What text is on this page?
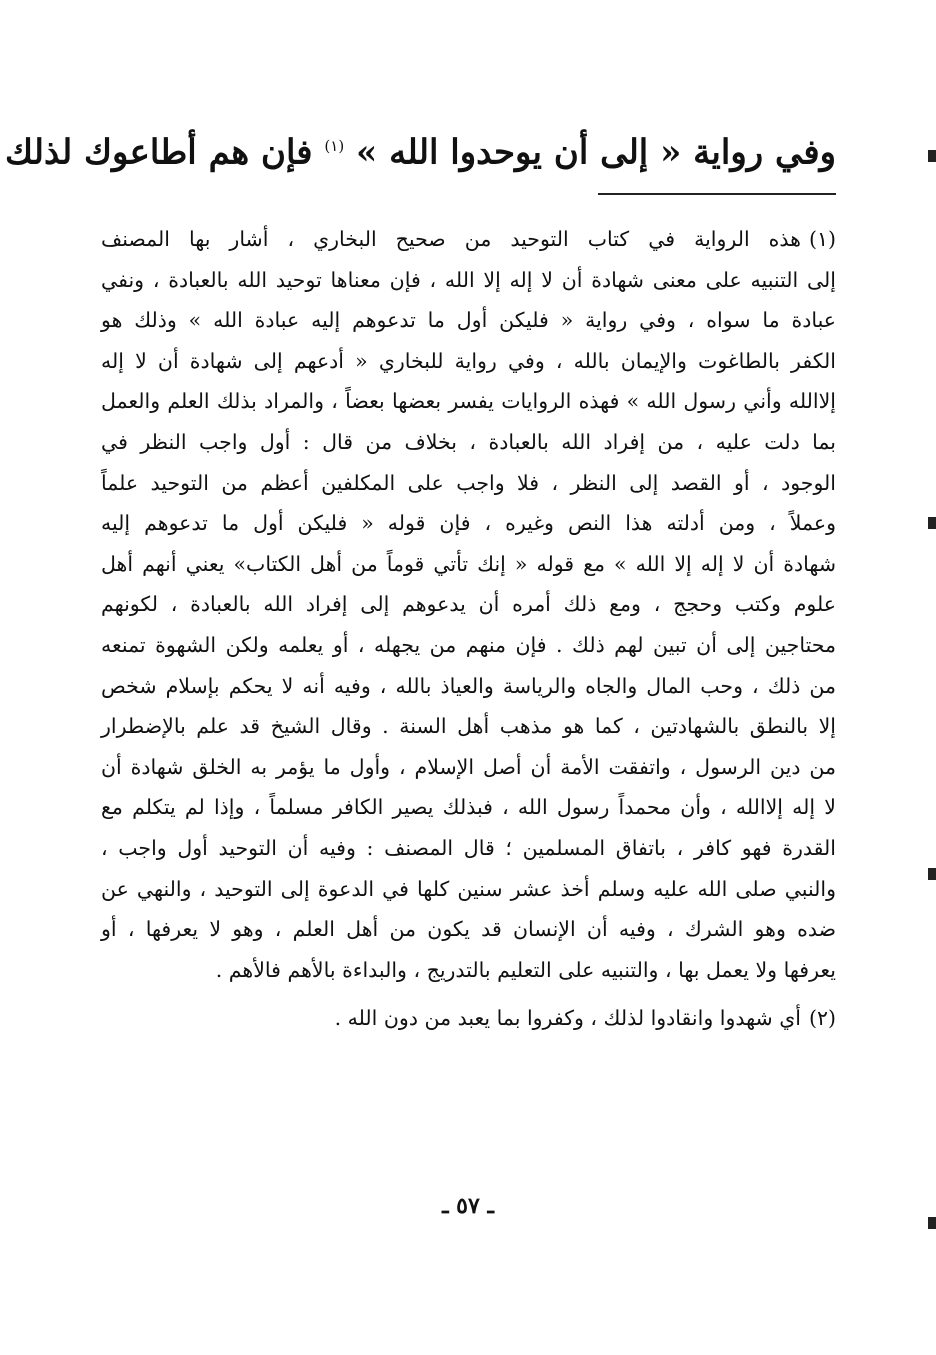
وفي رواية « إلى أن يوحدوا الله » $^{(١)}$ فإن هم أطاعوك لذلك
(١)هذه الرواية في كتاب التوحيد من صحيح البخاري ، أشار بها المصنف
إلى التنبيه على معنى شهادة أن لا إله إلا الله ، فإن معناها توحيد الله بالعبادة ، ونفي
عبادة ما سواه ، وفي رواية « فليكن أول ما تدعوهم إليه عبادة الله » وذلك هو
الكفر بالطاغوت والإيمان بالله ، وفي رواية للبخاري « أدعهم إلى شهادة أن لا إله
إلاالله وأني رسول الله » فهذه الروايات يفسر بعضها بعضاً ، والمراد بذلك العلم والعمل
بما دلت عليه ، من إفراد الله بالعبادة ، بخلاف من قال : أول واجب النظر في
الوجود ، أو القصد إلى النظر ، فلا واجب على المكلفين أعظم من التوحيد علماً
وعملاً ، ومن أدلته هذا النص وغيره ، فإن قوله « فليكن أول ما تدعوهم إليه
شهادة أن لا إله إلا الله » مع قوله « إنك تأتي قوماً من أهل الكتاب» يعني أنهم أهل
علوم وكتب وحجج ، ومع ذلك أمره أن يدعوهم إلى إفراد الله بالعبادة ، لكونهم
محتاجين إلى أن تبين لهم ذلك . فإن منهم من يجهله ، أو يعلمه ولكن الشهوة تمنعه
من ذلك ، وحب المال والجاه والرياسة والعياذ بالله ، وفيه أنه لا يحكم بإسلام شخص
إلا بالنطق بالشهادتين ، كما هو مذهب أهل السنة . وقال الشيخ قد علم بالإضطرار
من دين الرسول ، واتفقت الأمة أن أصل الإسلام ، وأول ما يؤمر به الخلق شهادة أن
لا إله إلاالله ، وأن محمداً رسول الله ، فبذلك يصير الكافر مسلماً ، وإذا لم يتكلم مع
القدرة فهو كافر ، باتفاق المسلمين ؛ قال المصنف : وفيه أن التوحيد أول واجب ،
والنبي صلى الله عليه وسلم أخذ عشر سنين كلها في الدعوة إلى التوحيد ، والنهي عن
ضده وهو الشرك ، وفيه أن الإنسان قد يكون من أهل العلم ، وهو لا يعرفها ، أو
يعرفها ولا يعمل بها ، والتنبيه على التعليم بالتدريج ، والبداءة بالأهم فالأهم .
(٢)أي شهدوا وانقادوا لذلك ، وكفروا بما يعبد من دون الله .
ـ ٥٧ ـ
